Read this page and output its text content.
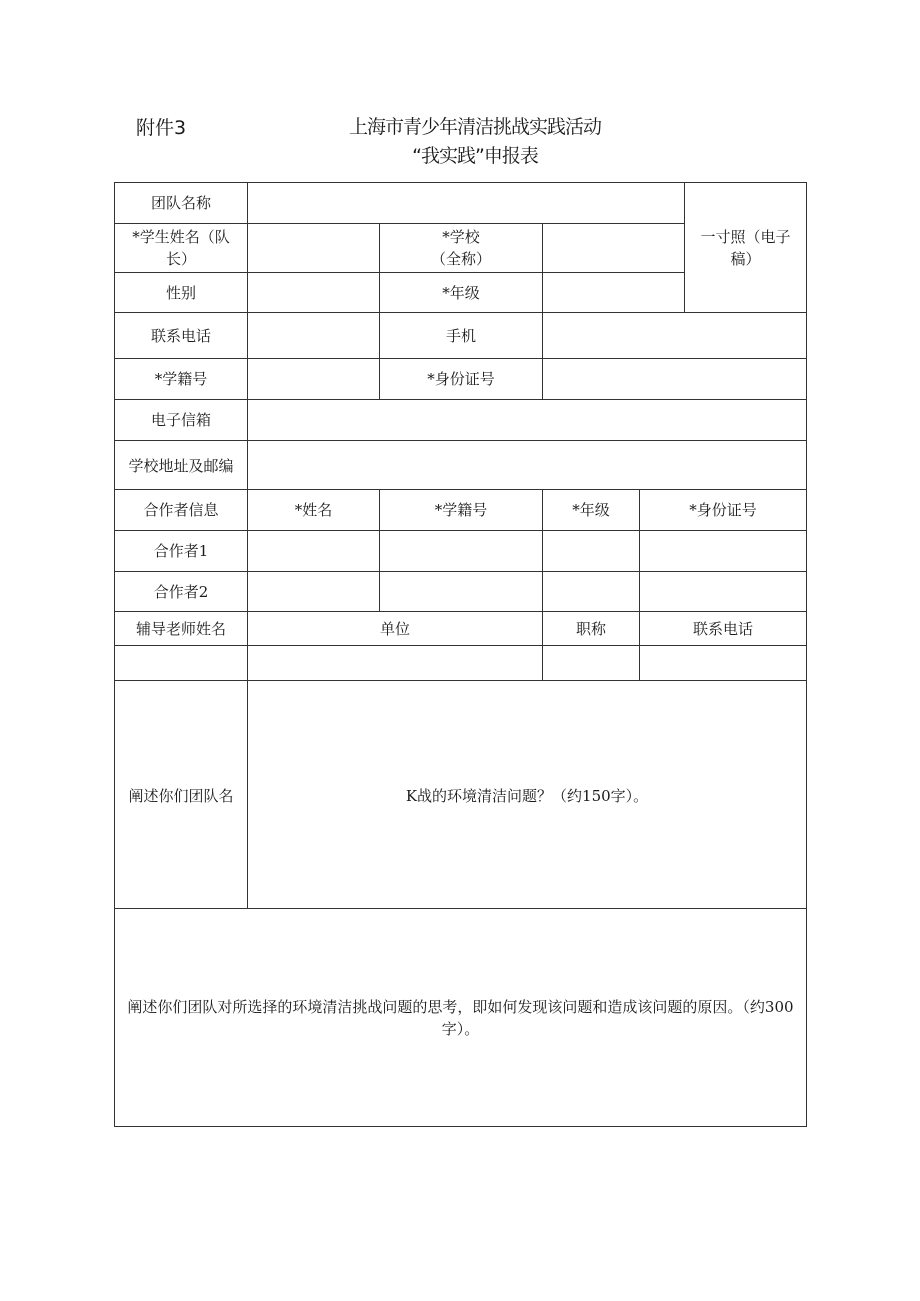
附件3	上海市青少年清洁挑战实践活动
“我实践”申报表
团队名称					一寸照（电子稿）
*学生姓名（队长）		*学校（全称）			
性别		*年级			
联系电话		手机			
*学籍号		*身份证号			
电子信箱					
学校地址及邮编					
合作者信息	*姓名	*学籍号	*年级	*身份证号	
合作者1					
合作者2					
辅导老师姓名	单位		职称	联系电话	

阐述你们团队名	K战的环境清洁问题？（约150字）。				
阐述你们团队对所选择的环境清洁挑战问题的思考，即如何发现该问题和造成该问题的原因。（约300字）。					
